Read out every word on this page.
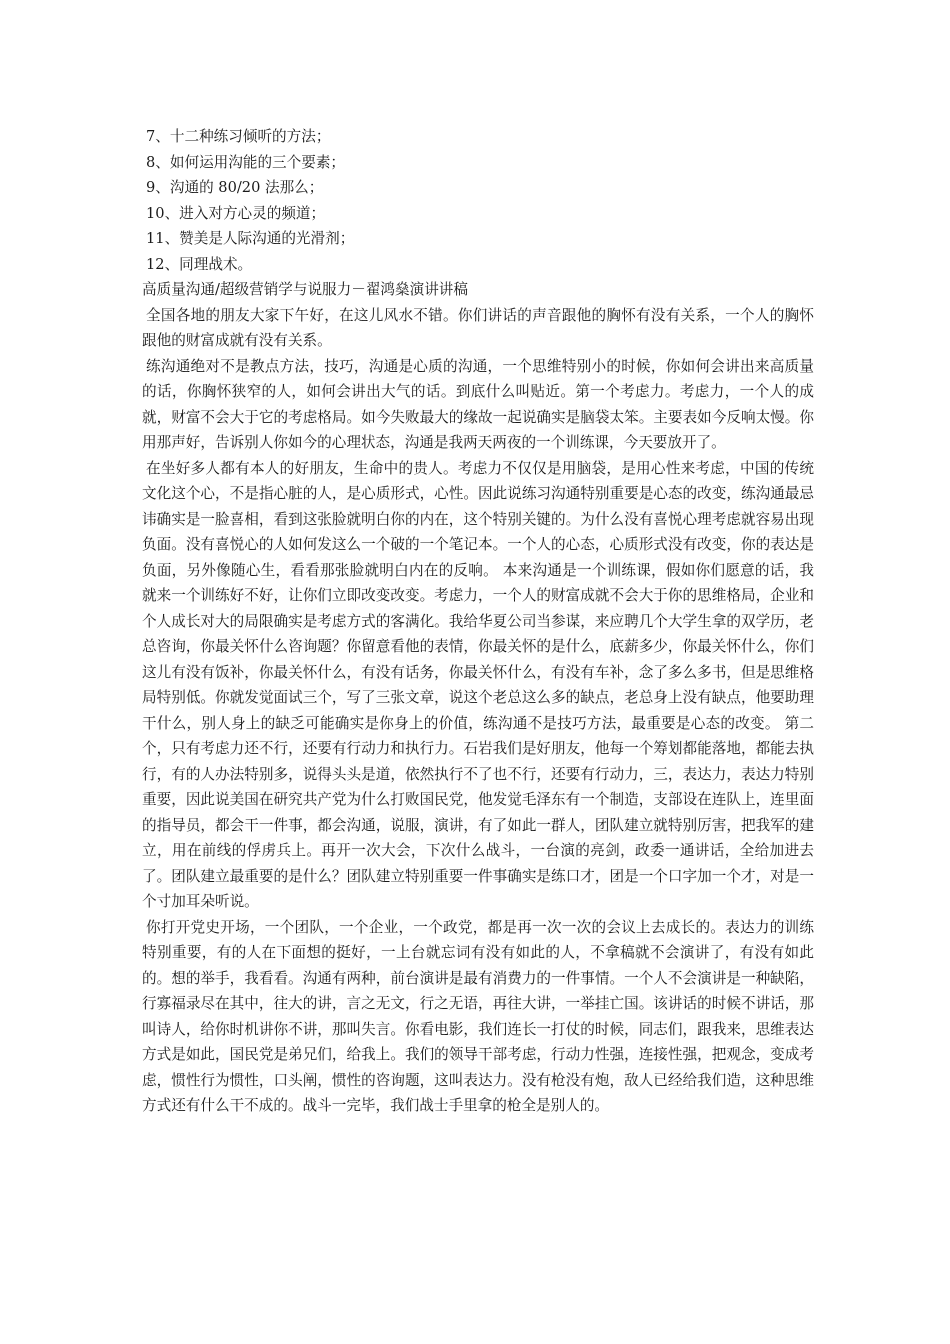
7、十二种练习倾听的方法；
8、如何运用沟能的三个要素；
9、沟通的 80/20 法那么；
10、进入对方心灵的频道；
11、赞美是人际沟通的光滑剂；
12、同理战术。
高质量沟通/超级营销学与说服力－翟鸿燊演讲讲稿

全国各地的朋友大家下午好，在这儿风水不错。你们讲话的声音跟他的胸怀有没有关系，一个人的胸怀跟他的财富成就有没有关系。

练沟通绝对不是教点方法，技巧，沟通是心质的沟通，一个思维特别小的时候，你如何会讲出来高质量的话，你胸怀狭窄的人，如何会讲出大气的话。到底什么叫贴近。第一个考虑力。考虑力，一个人的成就，财富不会大于它的考虑格局。如今失败最大的缘故一起说确实是脑袋太笨。主要表如今反响太慢。你用那声好，告诉别人你如今的心理状态，沟通是我两天两夜的一个训练课，今天要放开了。

在坐好多人都有本人的好朋友，生命中的贵人。考虑力不仅仅是用脑袋，是用心性来考虑，中国的传统文化这个心，不是指心脏的人，是心质形式，心性。因此说练习沟通特别重要是心态的改变，练沟通最忌讳确实是一脸喜相，看到这张脸就明白你的内在，这个特别关键的。为什么没有喜悦心理考虑就容易出现负面。没有喜悦心的人如何发这么一个破的一个笔记本。一个人的心态，心质形式没有改变，你的表达是负面，另外像随心生，看看那张脸就明白内在的反响。 本来沟通是一个训练课，假如你们愿意的话，我就来一个训练好不好，让你们立即改变改变。考虑力，一个人的财富成就不会大于你的思维格局，企业和个人成长对大的局限确实是考虑方式的客满化。我给华夏公司当参谋，来应聘几个大学生拿的双学历，老总咨询，你最关怀什么咨询题？你留意看他的表情，你最关怀的是什么，底薪多少，你最关怀什么，你们这儿有没有饭补，你最关怀什么，有没有话务，你最关怀什么，有没有车补，念了多么多书，但是思维格局特别低。你就发觉面试三个，写了三张文章，说这个老总这么多的缺点，老总身上没有缺点，他要助理干什么，别人身上的缺乏可能确实是你身上的价值，练沟通不是技巧方法，最重要是心态的改变。 第二个，只有考虑力还不行，还要有行动力和执行力。石岩我们是好朋友，他每一个筹划都能落地，都能去执行，有的人办法特别多，说得头头是道，依然执行不了也不行，还要有行动力，三，表达力，表达力特别重要，因此说美国在研究共产党为什么打败国民党，他发觉毛泽东有一个制造，支部设在连队上，连里面的指导员，都会干一件事，都会沟通，说服，演讲，有了如此一群人，团队建立就特别厉害，把我军的建立，用在前线的俘虏兵上。再开一次大会，下次什么战斗，一台演的亮剑，政委一通讲话，全给加进去了。团队建立最重要的是什么？团队建立特别重要一件事确实是练口才，团是一个口字加一个才，对是一个寸加耳朵听说。

你打开党史开场，一个团队，一个企业，一个政党，都是再一次一次的会议上去成长的。表达力的训练特别重要，有的人在下面想的挺好，一上台就忘词有没有如此的人，不拿稿就不会演讲了，有没有如此的。想的举手，我看看。沟通有两种，前台演讲是最有消费力的一件事情。一个人不会演讲是一种缺陷，行寡福录尽在其中，往大的讲，言之无文，行之无语，再往大讲，一举挂亡国。该讲话的时候不讲话，那叫诗人，给你时机讲你不讲，那叫失言。你看电影，我们连长一打仗的时候，同志们，跟我来，思维表达方式是如此，国民党是弟兄们，给我上。我们的领导干部考虑，行动力性强，连接性强，把观念，变成考虑，惯性行为惯性，口头阐，惯性的咨询题，这叫表达力。没有枪没有炮，敌人已经给我们造，这种思维方式还有什么干不成的。战斗一完毕，我们战士手里拿的枪全是别人的。
